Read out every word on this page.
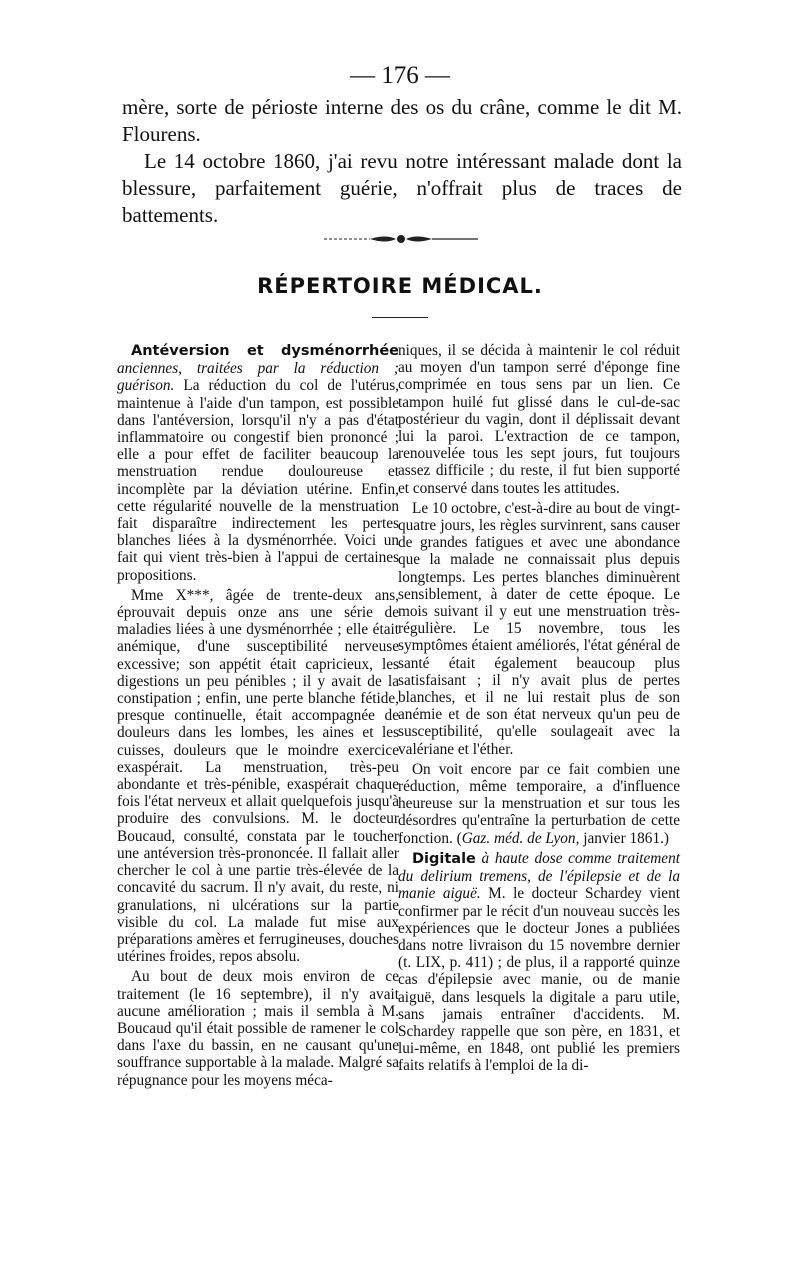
— 176 —

mère, sorte de périoste interne des os du crâne, comme le dit M. Flourens.

Le 14 octobre 1860, j'ai revu notre intéressant malade dont la blessure, parfaitement guérie, n'offrait plus de traces de battements.

RÉPERTOIRE MÉDICAL.

Antéversion et dysménorrhée anciennes, traitées par la réduction ; guérison. La réduction du col de l'utérus, maintenue à l'aide d'un tampon, est possible dans l'antéversion, lorsqu'il n'y a pas d'état inflammatoire ou congestif bien prononcé ; elle a pour effet de faciliter beaucoup la menstruation rendue douloureuse et incomplète par la déviation utérine. Enfin, cette régularité nouvelle de la menstruation fait disparaître indirectement les pertes blanches liées à la dysménorrhée. Voici un fait qui vient très-bien à l'appui de certaines propositions.

Mme X***, âgée de trente-deux ans, éprouvait depuis onze ans une série de maladies liées à une dysménorrhée ; elle était anémique, d'une susceptibilité nerveuse excessive; son appétit était capricieux, les digestions un peu pénibles ; il y avait de la constipation ; enfin, une perte blanche fétide, presque continuelle, était accompagnée de douleurs dans les lombes, les aines et les cuisses, douleurs que le moindre exercice exaspérait. La menstruation, très-peu abondante et très-pénible, exaspérait chaque fois l'état nerveux et allait quelquefois jusqu'à produire des convulsions. M. le docteur Boucaud, consulté, constata par le toucher une antéversion très-prononcée. Il fallait aller chercher le col à une partie très-élevée de la concavité du sacrum. Il n'y avait, du reste, ni granulations, ni ulcérations sur la partie visible du col. La malade fut mise aux préparations amères et ferrugineuses, douches utérines froides, repos absolu.

Au bout de deux mois environ de ce traitement (le 16 septembre), il n'y avait aucune amélioration ; mais il sembla à M. Boucaud qu'il était possible de ramener le col dans l'axe du bassin, en ne causant qu'une souffrance supportable à la malade. Malgré sa répugnance pour les moyens méca-

niques, il se décida à maintenir le col réduit au moyen d'un tampon serré d'éponge fine comprimée en tous sens par un lien. Ce tampon huilé fut glissé dans le cul-de-sac postérieur du vagin, dont il déplissait devant lui la paroi. L'extraction de ce tampon, renouvelée tous les sept jours, fut toujours assez difficile ; du reste, il fut bien supporté et conservé dans toutes les attitudes.

Le 10 octobre, c'est-à-dire au bout de vingt-quatre jours, les règles survinrent, sans causer de grandes fatigues et avec une abondance que la malade ne connaissait plus depuis longtemps. Les pertes blanches diminuèrent sensiblement, à dater de cette époque. Le mois suivant il y eut une menstruation très-régulière. Le 15 novembre, tous les symptômes étaient améliorés, l'état général de santé était également beaucoup plus satisfaisant ; il n'y avait plus de pertes blanches, et il ne lui restait plus de son anémie et de son état nerveux qu'un peu de susceptibilité, qu'elle soulageait avec la valériane et l'éther.

On voit encore par ce fait combien une réduction, même temporaire, a d'influence heureuse sur la menstruation et sur tous les désordres qu'entraîne la perturbation de cette fonction. (Gaz. méd. de Lyon, janvier 1861.)

Digitale à haute dose comme traitement du delirium tremens, de l'épilepsie et de la manie aiguë. M. le docteur Schardey vient confirmer par le récit d'un nouveau succès les expériences que le docteur Jones a publiées dans notre livraison du 15 novembre dernier (t. LIX, p. 411) ; de plus, il a rapporté quinze cas d'épilepsie avec manie, ou de manie aiguë, dans lesquels la digitale a paru utile, sans jamais entraîner d'accidents. M. Schardey rappelle que son père, en 1831, et lui-même, en 1848, ont publié les premiers faits relatifs à l'emploi de la di-
